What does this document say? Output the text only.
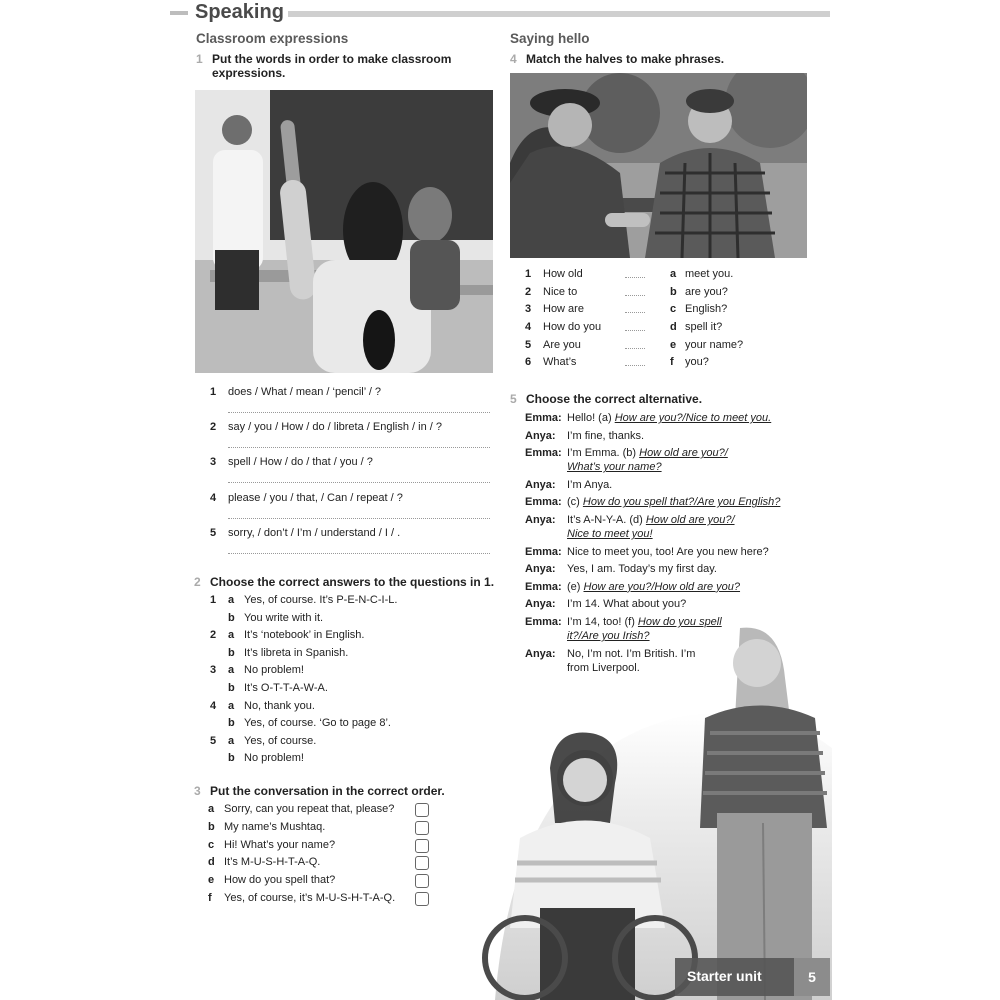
Speaking
Classroom expressions
1 Put the words in order to make classroom expressions.
1 does / What / mean / ‘pencil’ / ?
2 say / you / How / do / libreta / English / in / ?
3 spell / How / do / that / you / ?
4 please / you / that, / Can / repeat / ?
5 sorry, / don’t / I’m / understand / I / .
2 Choose the correct answers to the questions in 1.
1 a Yes, of course. It’s P-E-N-C-I-L.
b You write with it.
2 a It’s ‘notebook’ in English.
b It’s libreta in Spanish.
3 a No problem!
b It’s O-T-T-A-W-A.
4 a No, thank you.
b Yes, of course. ‘Go to page 8’.
5 a Yes, of course.
b No problem!
3 Put the conversation in the correct order.
a Sorry, can you repeat that, please?
b My name’s Mushtaq.
c Hi! What’s your name?
d It’s M-U-S-H-T-A-Q.
e How do you spell that?
f Yes, of course, it’s M-U-S-H-T-A-Q.
Saying hello
4 Match the halves to make phrases.
1 How old	a meet you.
2 Nice to	b are you?
3 How are	c English?
4 How do you	d spell it?
5 Are you	e your name?
6 What’s	f you?
5 Choose the correct alternative.
Emma: Hello! (a) How are you?/Nice to meet you.
Anya: I’m fine, thanks.
Emma: I’m Emma. (b) How old are you?/ What’s your name?
Anya: I’m Anya.
Emma: (c) How do you spell that?/Are you English?
Anya: It’s A-N-Y-A. (d) How old are you?/ Nice to meet you!
Emma: Nice to meet you, too! Are you new here?
Anya: Yes, I am. Today’s my first day.
Emma: (e) How are you?/How old are you?
Anya: I’m 14. What about you?
Emma: I’m 14, too! (f) How do you spell it?/Are you Irish?
Anya: No, I’m not. I’m British. I’m from Liverpool.
Starter unit	5
